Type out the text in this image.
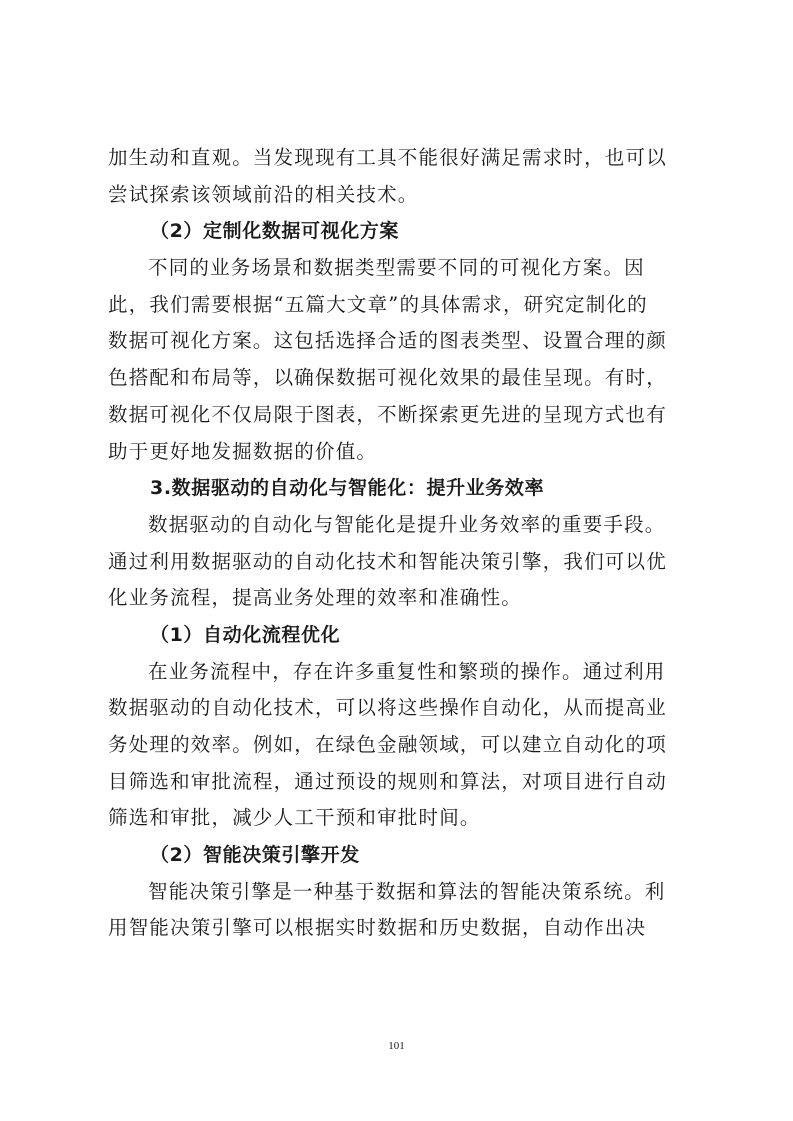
加生动和直观。当发现现有工具不能很好满足需求时，也可以
尝试探索该领域前沿的相关技术。
（2）定制化数据可视化方案
不同的业务场景和数据类型需要不同的可视化方案。因
此，我们需要根据“五篇大文章”的具体需求，研究定制化的
数据可视化方案。这包括选择合适的图表类型、设置合理的颜
色搭配和布局等，以确保数据可视化效果的最佳呈现。有时，
数据可视化不仅局限于图表，不断探索更先进的呈现方式也有
助于更好地发掘数据的价值。
3.数据驱动的自动化与智能化：提升业务效率
数据驱动的自动化与智能化是提升业务效率的重要手段。
通过利用数据驱动的自动化技术和智能决策引擎，我们可以优
化业务流程，提高业务处理的效率和准确性。
（1）自动化流程优化
在业务流程中，存在许多重复性和繁琐的操作。通过利用
数据驱动的自动化技术，可以将这些操作自动化，从而提高业
务处理的效率。例如，在绿色金融领域，可以建立自动化的项
目筛选和审批流程，通过预设的规则和算法，对项目进行自动
筛选和审批，减少人工干预和审批时间。
（2）智能决策引擎开发
智能决策引擎是一种基于数据和算法的智能决策系统。利
用智能决策引擎可以根据实时数据和历史数据，自动作出决
101
